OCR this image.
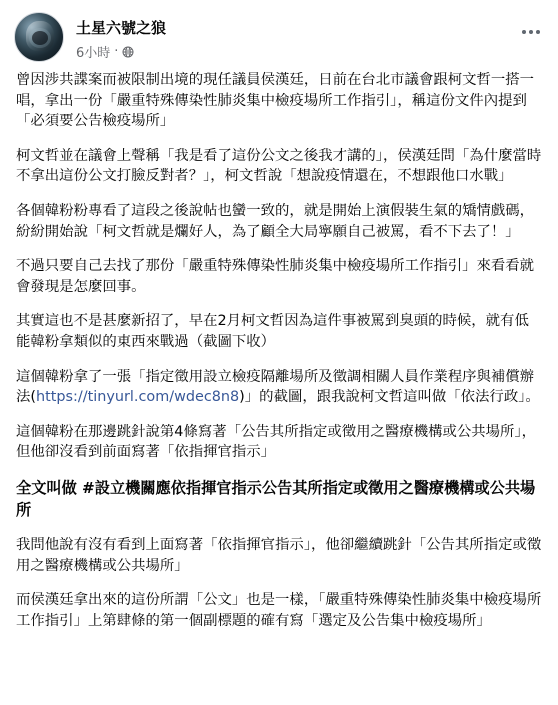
土星六號之狼
6小時 ·

曾因涉共諜案而被限制出境的現任議員侯漢廷，日前在台北市議會跟柯文哲一搭一唱，拿出一份「嚴重特殊傳染性肺炎集中檢疫場所工作指引」，稱這份文件內提到「必須要公告檢疫場所」

柯文哲並在議會上聲稱「我是看了這份公文之後我才講的」，侯漢廷問「為什麼當時不拿出這份公文打臉反對者？」，柯文哲說「想說疫情還在，不想跟他口水戰」

各個韓粉粉專看了這段之後說帖也蠻一致的，就是開始上演假裝生氣的矯情戲碼，紛紛開始說「柯文哲就是爛好人，為了顧全大局寧願自己被罵，看不下去了！」

不過只要自己去找了那份「嚴重特殊傳染性肺炎集中檢疫場所工作指引」來看看就會發現是怎麼回事。

其實這也不是甚麼新招了，早在2月柯文哲因為這件事被罵到臭頭的時候，就有低能韓粉拿類似的東西來戰過（截圖下收）

這個韓粉拿了一張「指定徵用設立檢疫隔離場所及徵調相關人員作業程序與補償辦法(https://tinyurl.com/wdec8n8)」的截圖，跟我說柯文哲這叫做「依法行政」。

這個韓粉在那邊跳針說第4條寫著「公告其所指定或徵用之醫療機構或公共場所」，但他卻沒看到前面寫著「依指揮官指示」

全文叫做 #設立機關應依指揮官指示公告其所指定或徵用之醫療機構或公共場所

我問他說有沒有看到上面寫著「依指揮官指示」，他卻繼續跳針「公告其所指定或徵用之醫療機構或公共場所」

而侯漢廷拿出來的這份所謂「公文」也是一樣，「嚴重特殊傳染性肺炎集中檢疫場所工作指引」上第肆條的第一個副標題的確有寫「選定及公告集中檢疫場所」
